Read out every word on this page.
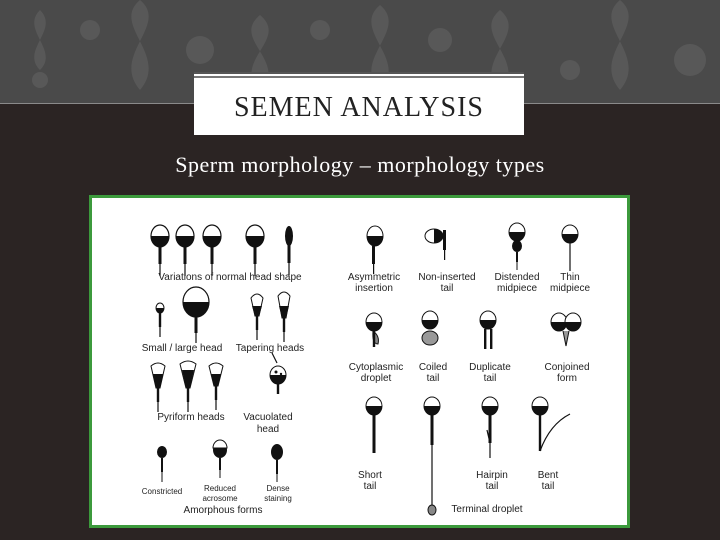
SEMEN ANALYSIS
Sperm morphology – morphology types
Variations of normal head shape
Small / large head Tapering heads
Pyriform heads Vacuolated
head
Constricted	Reduced
acrosome
Dense
staining
Amorphous forms
Asymmetric
insertion
Non-inserted
tail
Distended
midpiece
Thin
midpiece
Cytoplasmic
droplet
Coiled
tail
Duplicate
tail
Conjoined
form
Short
tail
Hairpin
tail
Bent
tail
Terminal droplet
